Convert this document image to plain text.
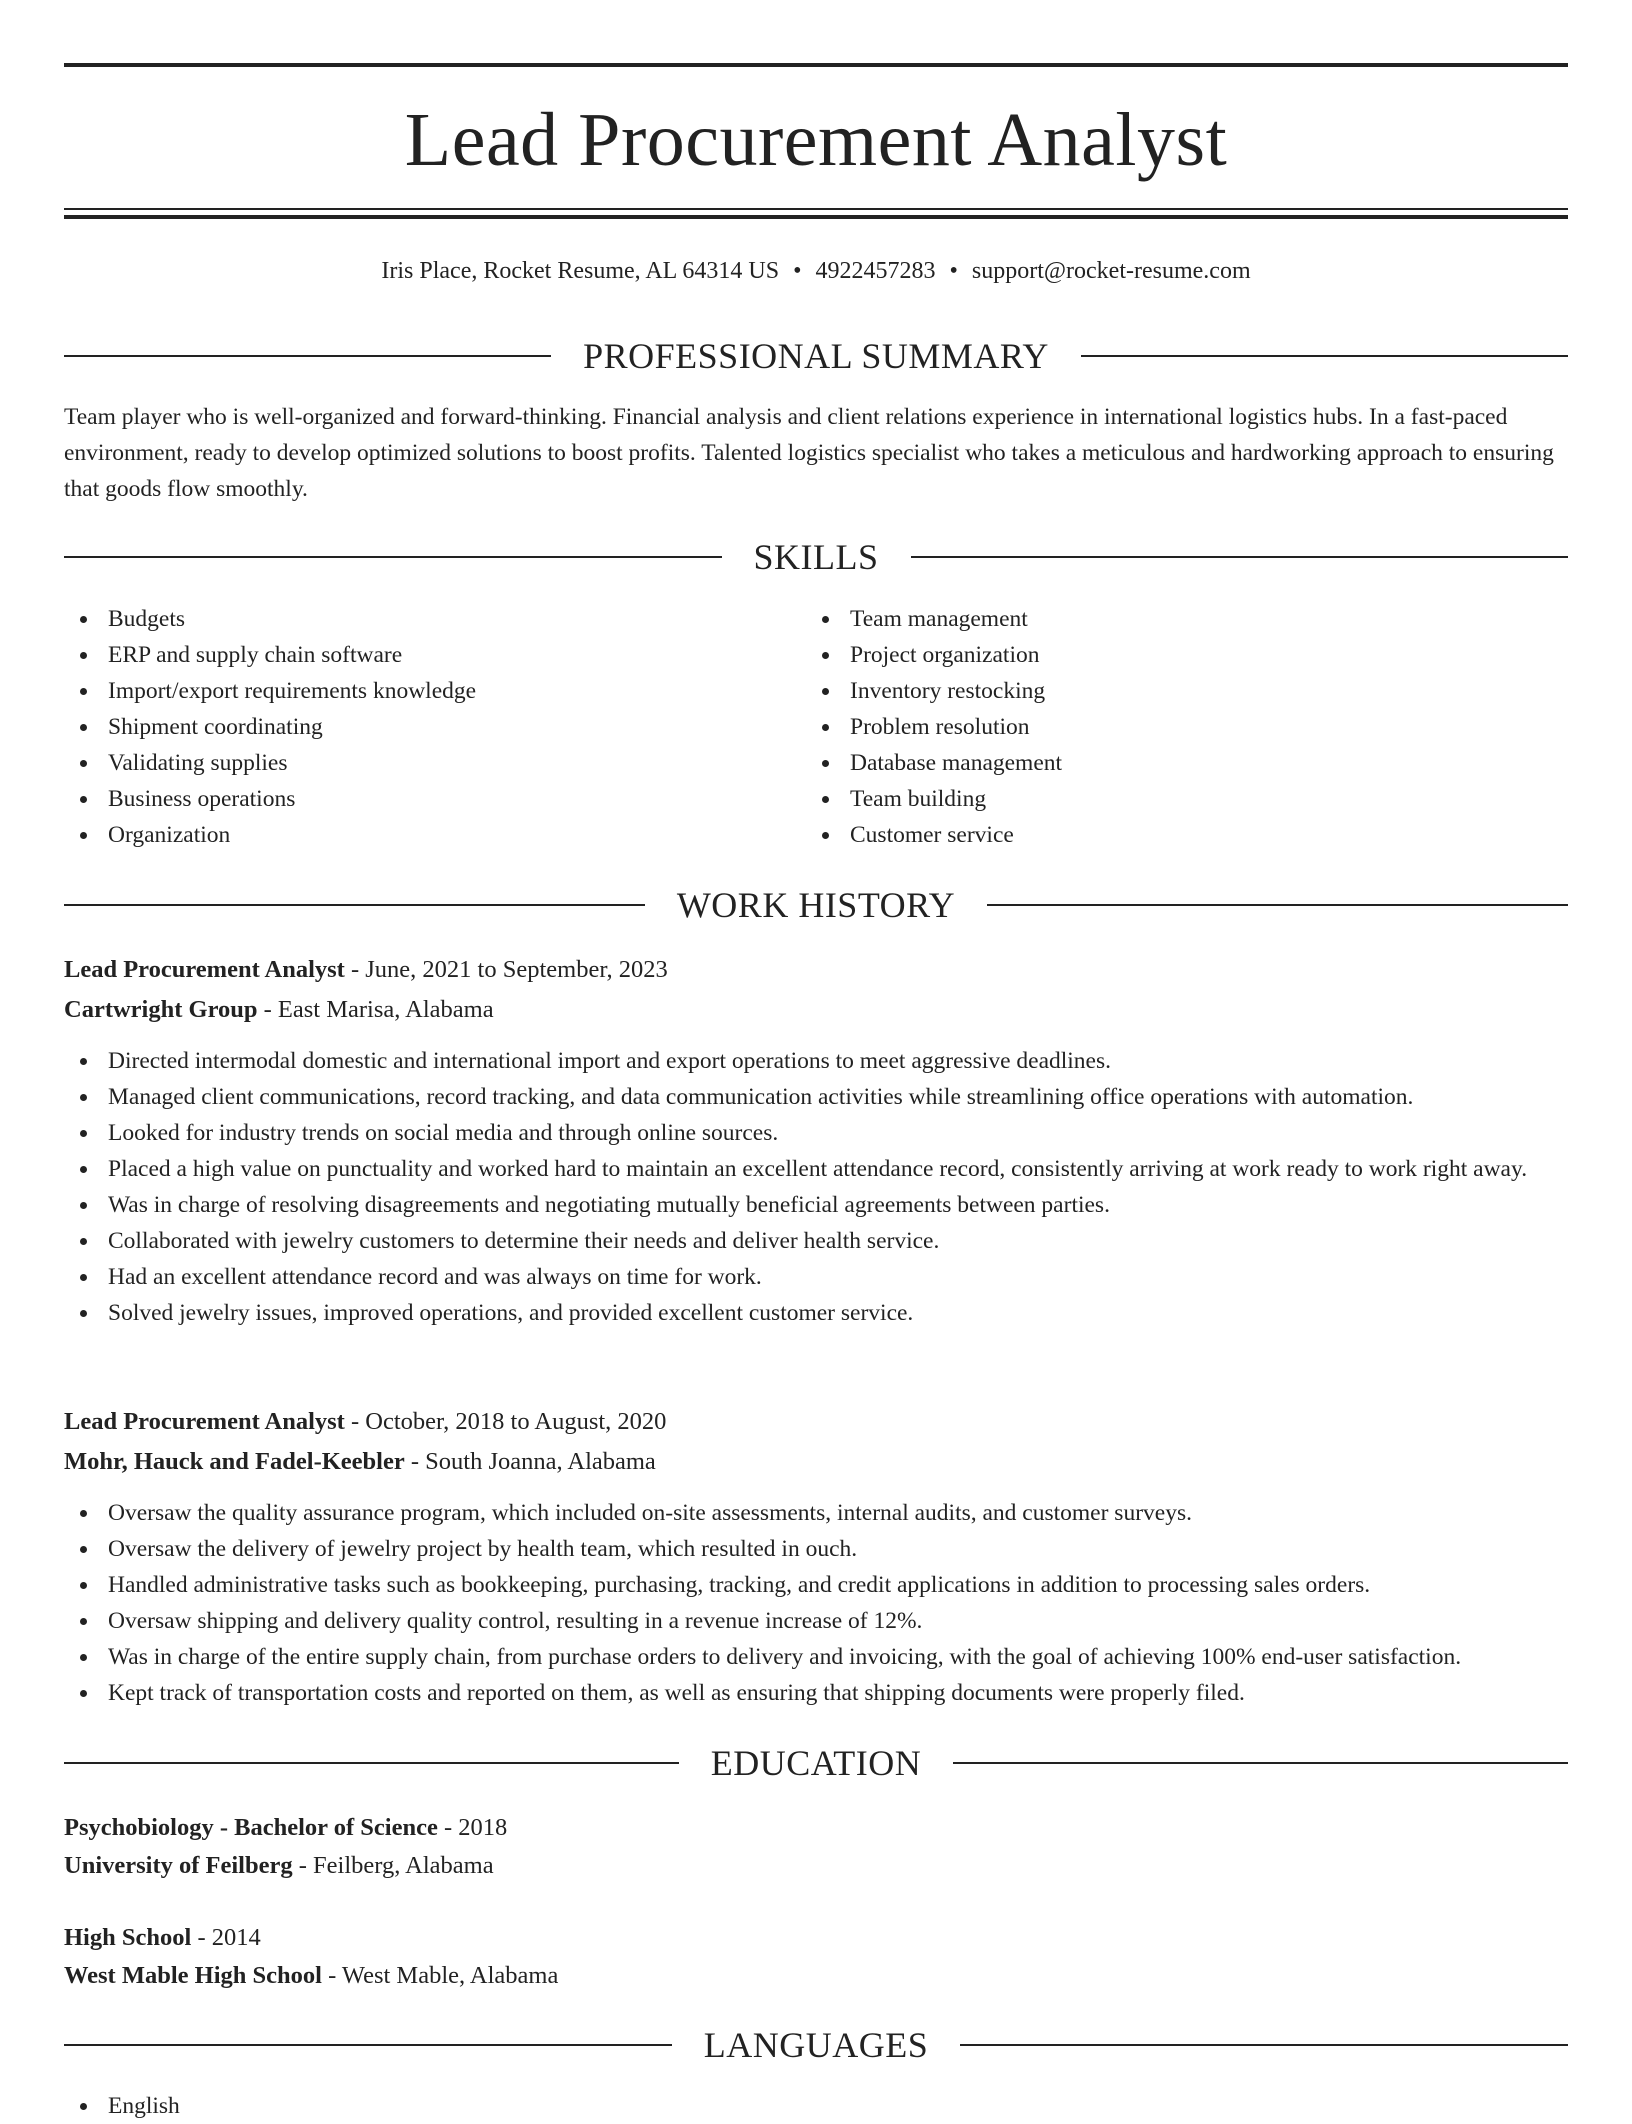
Lead Procurement Analyst
Iris Place, Rocket Resume, AL 64314 US • 4922457283 • support@rocket-resume.com
PROFESSIONAL SUMMARY

Team player who is well-organized and forward-thinking. Financial analysis and client relations experience in international logistics hubs. In a fast-paced environment, ready to develop optimized solutions to boost profits. Talented logistics specialist who takes a meticulous and hardworking approach to ensuring that goods flow smoothly.

SKILLS
Budgets
ERP and supply chain software
Import/export requirements knowledge
Shipment coordinating
Validating supplies
Business operations
Organization
Team management
Project organization
Inventory restocking
Problem resolution
Database management
Team building
Customer service
WORK HISTORY
Lead Procurement Analyst - June, 2021 to September, 2023
Cartwright Group - East Marisa, Alabama
Directed intermodal domestic and international import and export operations to meet aggressive deadlines.
Managed client communications, record tracking, and data communication activities while streamlining office operations with automation.
Looked for industry trends on social media and through online sources.
Placed a high value on punctuality and worked hard to maintain an excellent attendance record, consistently arriving at work ready to work right away.
Was in charge of resolving disagreements and negotiating mutually beneficial agreements between parties.
Collaborated with jewelry customers to determine their needs and deliver health service.
Had an excellent attendance record and was always on time for work.
Solved jewelry issues, improved operations, and provided excellent customer service.
Lead Procurement Analyst - October, 2018 to August, 2020
Mohr, Hauck and Fadel-Keebler - South Joanna, Alabama
Oversaw the quality assurance program, which included on-site assessments, internal audits, and customer surveys.
Oversaw the delivery of jewelry project by health team, which resulted in ouch.
Handled administrative tasks such as bookkeeping, purchasing, tracking, and credit applications in addition to processing sales orders.
Oversaw shipping and delivery quality control, resulting in a revenue increase of 12%.
Was in charge of the entire supply chain, from purchase orders to delivery and invoicing, with the goal of achieving 100% end-user satisfaction.
Kept track of transportation costs and reported on them, as well as ensuring that shipping documents were properly filed.
EDUCATION
Psychobiology - Bachelor of Science - 2018
University of Feilberg - Feilberg, Alabama
High School - 2014
West Mable High School - West Mable, Alabama
LANGUAGES
English
